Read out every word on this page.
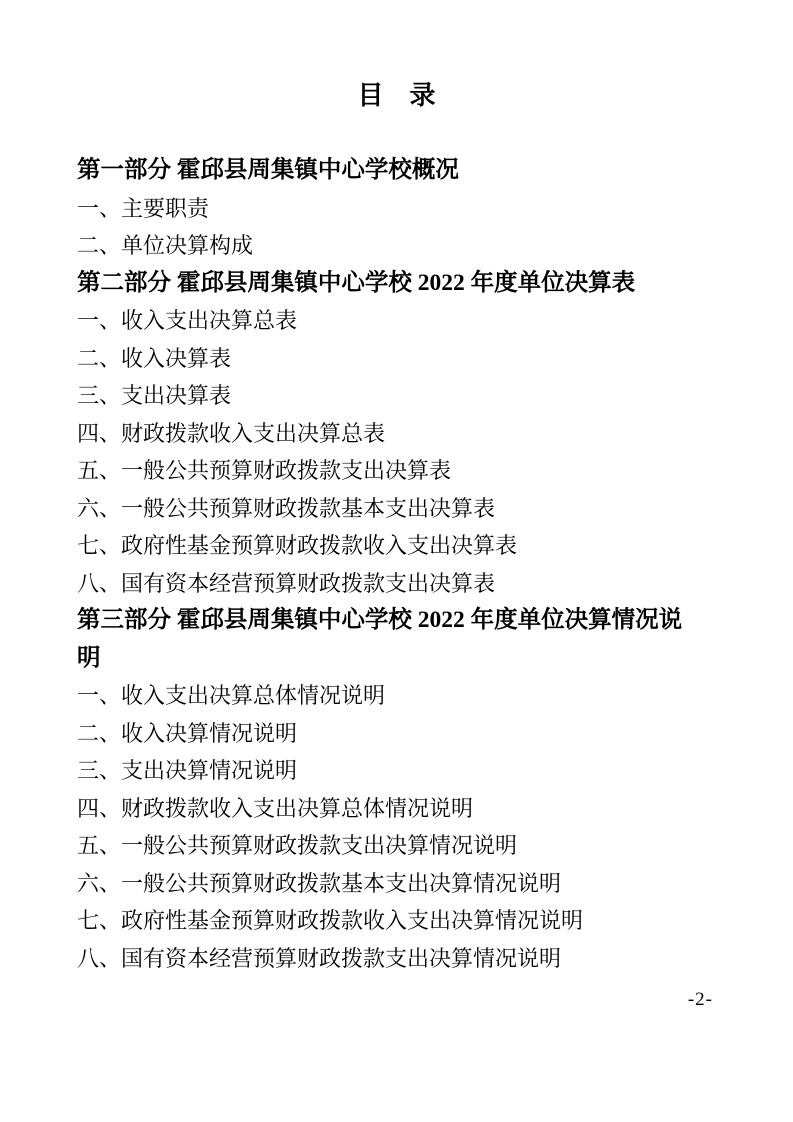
目　录

第一部分 霍邱县周集镇中心学校概况

一、主要职责

二、单位决算构成

第二部分 霍邱县周集镇中心学校 2022 年度单位决算表

一、收入支出决算总表

二、收入决算表

三、支出决算表

四、财政拨款收入支出决算总表

五、一般公共预算财政拨款支出决算表

六、一般公共预算财政拨款基本支出决算表

七、政府性基金预算财政拨款收入支出决算表

八、国有资本经营预算财政拨款支出决算表

第三部分 霍邱县周集镇中心学校 2022 年度单位决算情况说明

一、收入支出决算总体情况说明

二、收入决算情况说明

三、支出决算情况说明

四、财政拨款收入支出决算总体情况说明

五、一般公共预算财政拨款支出决算情况说明

六、一般公共预算财政拨款基本支出决算情况说明

七、政府性基金预算财政拨款收入支出决算情况说明

八、国有资本经营预算财政拨款支出决算情况说明

-2-
